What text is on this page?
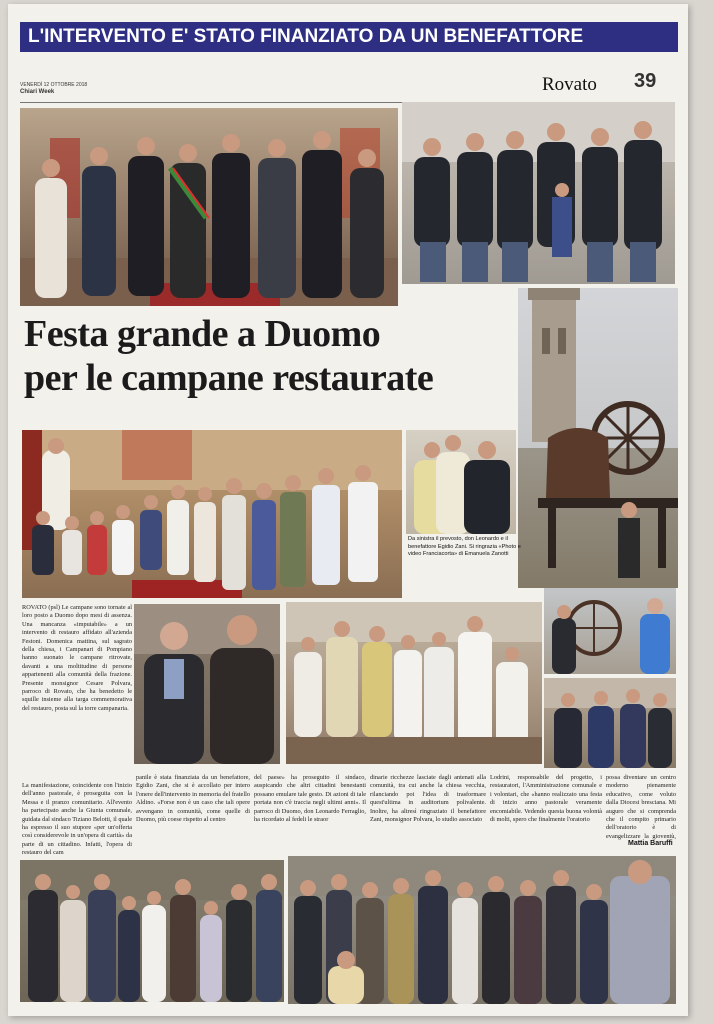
L'INTERVENTO E' STATO FINANZIATO DA UN BENEFATTORE
VENERDÌ 12 OTTOBRE 2018
Chiari Week	Rovato 39
Festa grande a Duomo
per le campane restaurate
Da sinistra il prevosto, don Leonardo e il benefattore Egidio Zani. Si ringrazia «Photo e video Franciacorta» di Emanuela Zanotti
ROVATO (psl) Le campane sono tornate al loro posto a Duomo dopo mesi di assenza. Una mancanza «imputabile» a un intervento di restauro affidato all'azienda Festoni. Domenica mattina, sul sagrato della chiesa, i Campanari di Pompiano hanno suonato le campane ritrovate, davanti a una moltitudine di persone appartenenti alla comunità della frazione. Presente monsignor Cesare Polvara, parroco di Rovato, che ha benedetto le squille insieme alla targa commemorativa del restauro, posta sul la torre campanaria.
La manifestazione, coincidente con l'inizio dell'anno pastorale, è proseguita con la Messa e il pranzo comunitario. All'evento ha partecipato anche la Giunta comunale, guidata dal sindaco Tiziano Belotti, il quale ha espresso il suo stupore «per un'offerta così considerevole in un'opera di carità» da parte di un cittadino. Infatti, l'opera di restauro del cam
panile è stata finanziata da un benefattore, Egidio Zani, che si è accollato per intero l'onere dell'intervento in memoria del fratello Aldino. «Forse non è un caso che tali opere avvengano in comunità, come quelle di Duomo, più coese rispetto al centro
del paese» ha proseguito il sindaco, auspicando che altri cittadini benestanti possano emulare tale gesto. Di azioni di tale portata non c'è traccia negli ultimi anni». Il parroco di Duomo, don Leonardo Ferraglio, ha ricordato al fedeli le straor
dinarie ricchezze lasciate dagli antenati alla comunità, tra cui anche la chiesa vecchia, rilanciando poi l'idea di trasformare quest'ultima in auditorium polivalente. Inoltre, ha altresì ringraziato il benefattore Zani, monsignor Polvara, lo studio associato
Lodrini, responsabile del progetto, i restauratori, l'Amministrazione comunale e i volontari, che «hanno realizzato una festa di inizio anno pastorale veramente encomiabile. Vedendo questa buona volontà di molti, spero che finalmente l'oratorio
possa diventare un centro moderno pienamente educativo, come voluto dalla Diocesi bresciana. Mi auguro che si comprenda che il compito primario dell'oratorio è di evangelizzare la gioventù,
Mattia Baruffi
